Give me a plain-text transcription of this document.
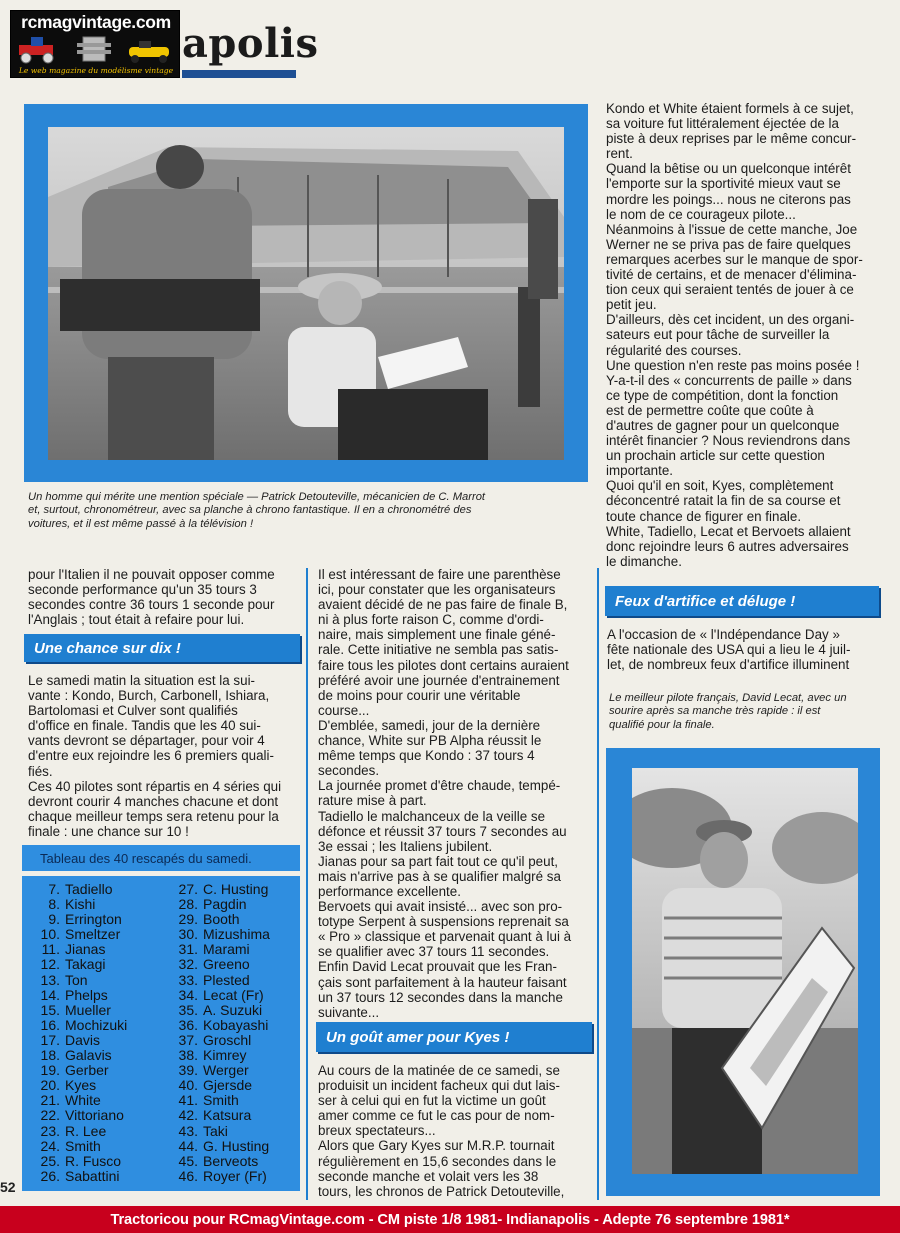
rcmagvintage.com
Le web magazine du modélisme vintage
apolis
Un homme qui mérite une mention spéciale — Patrick Detouteville, mécanicien de C. Marrot
et, surtout, chronométreur, avec sa planche à chrono fantastique. Il en a chronométré des
voitures, et il est même passé à la télévision !
Kondo et White étaient formels à ce sujet,
sa voiture fut littéralement éjectée de la
piste à deux reprises par le même concur-
rent.
Quand la bêtise ou un quelconque intérêt
l'emporte sur la sportivité mieux vaut se
mordre les poings... nous ne citerons pas
le nom de ce courageux pilote...
Néanmoins à l'issue de cette manche, Joe
Werner ne se priva pas de faire quelques
remarques acerbes sur le manque de spor-
tivité de certains, et de menacer d'élimina-
tion ceux qui seraient tentés de jouer à ce
petit jeu.
D'ailleurs, dès cet incident, un des organi-
sateurs eut pour tâche de surveiller la
régularité des courses.
Une question n'en reste pas moins posée !
Y-a-t-il des « concurrents de paille » dans
ce type de compétition, dont la fonction
est de permettre coûte que coûte à
d'autres de gagner pour un quelconque
intérêt financier ? Nous reviendrons dans
un prochain article sur cette question
importante.
Quoi qu'il en soit, Kyes, complètement
déconcentré ratait la fin de sa course et
toute chance de figurer en finale.
White, Tadiello, Lecat et Bervoets allaient
donc rejoindre leurs 6 autres adversaires
le dimanche.
pour l'Italien il ne pouvait opposer comme
seconde performance qu'un 35 tours 3
secondes contre 36 tours 1 seconde pour
l'Anglais ; tout était à refaire pour lui.
Une chance sur dix !
Le samedi matin la situation est la sui-
vante : Kondo, Burch, Carbonell, Ishiara,
Bartolomasi et Culver sont qualifiés
d'office en finale. Tandis que les 40 sui-
vants devront se départager, pour voir 4
d'entre eux rejoindre les 6 premiers quali-
fiés.
Ces 40 pilotes sont répartis en 4 séries qui
devront courir 4 manches chacune et dont
chaque meilleur temps sera retenu pour la
finale : une chance sur 10 !
Tableau des 40 rescapés du samedi.
7. Tadiello
8. Kishi
9. Errington
10. Smeltzer
11. Jianas
12. Takagi
13. Ton
14. Phelps
15. Mueller
16. Mochizuki
17. Davis
18. Galavis
19. Gerber
20. Kyes
21. White
22. Vittoriano
23. R. Lee
24. Smith
25. R. Fusco
26. Sabattini
27. C. Husting
28. Pagdin
29. Booth
30. Mizushima
31. Marami
32. Greeno
33. Plested
34. Lecat (Fr)
35. A. Suzuki
36. Kobayashi
37. Groschl
38. Kimrey
39. Werger
40. Gjersde
41. Smith
42. Katsura
43. Taki
44. G. Husting
45. Berveots
46. Royer (Fr)
52
Il est intéressant de faire une parenthèse
ici, pour constater que les organisateurs
avaient décidé de ne pas faire de finale B,
ni à plus forte raison C, comme d'ordi-
naire, mais simplement une finale géné-
rale. Cette initiative ne sembla pas satis-
faire tous les pilotes dont certains auraient
préféré avoir une journée d'entrainement
de moins pour courir une véritable
course...
D'emblée, samedi, jour de la dernière
chance, White sur PB Alpha réussit le
même temps que Kondo : 37 tours 4
secondes.
La journée promet d'être chaude, tempé-
rature mise à part.
Tadiello le malchanceux de la veille se
défonce et réussit 37 tours 7 secondes au
3e essai ; les Italiens jubilent.
Jianas pour sa part fait tout ce qu'il peut,
mais n'arrive pas à se qualifier malgré sa
performance excellente.
Bervoets qui avait insisté... avec son pro-
totype Serpent à suspensions reprenait sa
« Pro » classique et parvenait quant à lui à
se qualifier avec 37 tours 11 secondes.
Enfin David Lecat prouvait que les Fran-
çais sont parfaitement à la hauteur faisant
un 37 tours 12 secondes dans la manche
suivante...
Un goût amer pour Kyes !
Au cours de la matinée de ce samedi, se
produisit un incident facheux qui dut lais-
ser à celui qui en fut la victime un goût
amer comme ce fut le cas pour de nom-
breux spectateurs...
Alors que Gary Kyes sur M.R.P. tournait
régulièrement en 15,6 secondes dans le
seconde manche et volait vers les 38
tours, les chronos de Patrick Detouteville,
Feux d'artifice et déluge !
A l'occasion de « l'Indépendance Day »
fête nationale des USA qui a lieu le 4 juil-
let, de nombreux feux d'artifice illuminent
Le meilleur pilote français, David Lecat, avec un
sourire après sa manche très rapide : il est
qualifié pour la finale.
Tractoricou pour RCmagVintage.com - CM piste 1/8 1981- Indianapolis - Adepte 76 septembre 1981*
